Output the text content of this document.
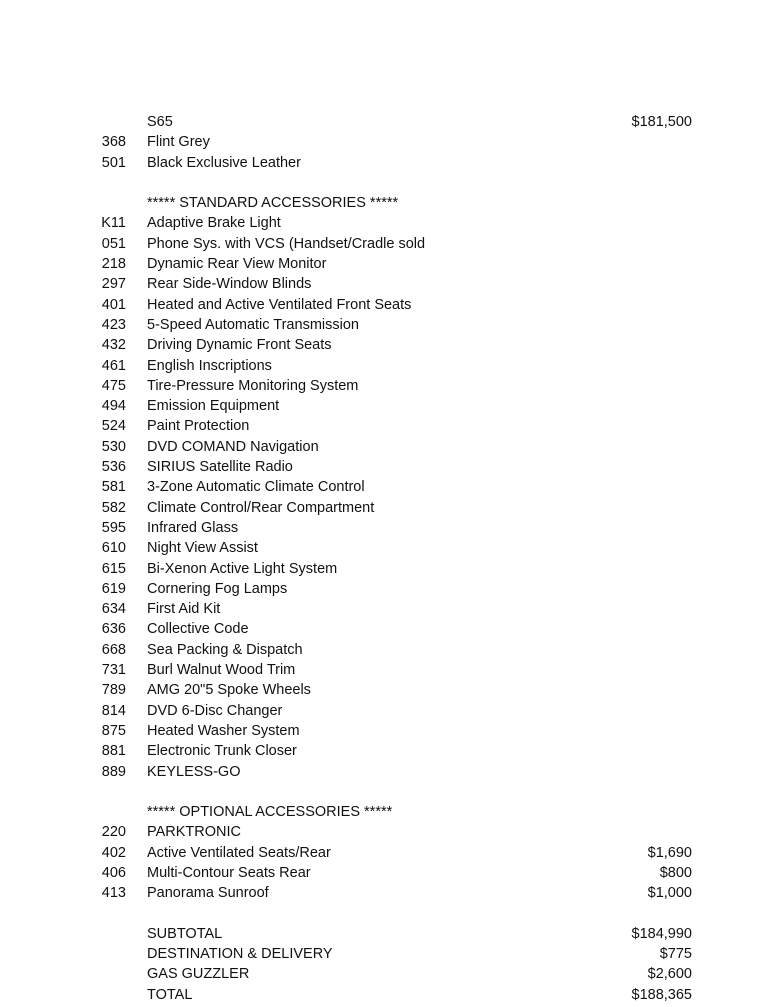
S65	$181,500
368 Flint Grey
501 Black Exclusive Leather
***** STANDARD ACCESSORIES *****
K11 Adaptive Brake Light
051 Phone Sys. with VCS (Handset/Cradle sold
218 Dynamic Rear View Monitor
297 Rear Side-Window Blinds
401 Heated and Active Ventilated Front Seats
423 5-Speed Automatic Transmission
432 Driving Dynamic Front Seats
461 English Inscriptions
475 Tire-Pressure Monitoring System
494 Emission Equipment
524 Paint Protection
530 DVD COMAND Navigation
536 SIRIUS Satellite Radio
581 3-Zone Automatic Climate Control
582 Climate Control/Rear Compartment
595 Infrared Glass
610 Night View Assist
615 Bi-Xenon Active Light System
619 Cornering Fog Lamps
634 First Aid Kit
636 Collective Code
668 Sea Packing & Dispatch
731 Burl Walnut Wood Trim
789 AMG 20"5 Spoke Wheels
814 DVD 6-Disc Changer
875 Heated Washer System
881 Electronic Trunk Closer
889 KEYLESS-GO
***** OPTIONAL ACCESSORIES *****
220 PARKTRONIC
402 Active Ventilated Seats/Rear	$1,690
406 Multi-Contour Seats Rear	$800
413 Panorama Sunroof	$1,000
SUBTOTAL	$184,990
DESTINATION & DELIVERY	$775
GAS GUZZLER	$2,600
TOTAL	$188,365
